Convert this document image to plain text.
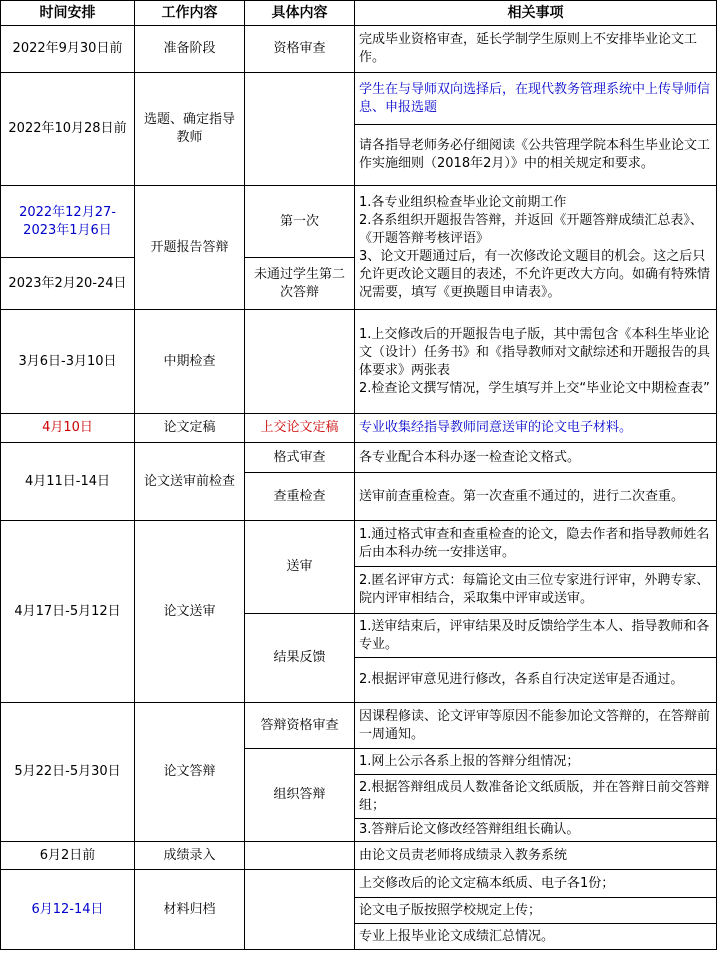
时间安排	工作内容	具体内容	相关事项
2022年9月30日前	准备阶段	资格审查	完成毕业资格审查，延长学制学生原则上不安排毕业论文工作。
2022年10月28日前	选题、确定指导教师		学生在与导师双向选择后，在现代教务管理系统中上传导师信息、申报选题
			请各指导老师务必仔细阅读《公共管理学院本科生毕业论文工作实施细则（2018年2月）》中的相关规定和要求。
2022年12月27-2023年1月6日	开题报告答辩	第一次	1.各专业组织检查毕业论文前期工作
2.各系组织开题报告答辩，并返回《开题答辩成绩汇总表》、《开题答辩考核评语》
3、论文开题通过后，有一次修改论文题目的机会。这之后只允许更改论文题目的表述，不允许更改大方向。如确有特殊情况需要，填写《更换题目申请表》。

2023年2月20-24日		未通过学生第二次答辩	
3月6日-3月10日	中期检查		1.上交修改后的开题报告电子版，其中需包含《本科生毕业论文（设计）任务书》和《指导教师对文献综述和开题报告的具体要求》两张表
2.检查论文撰写情况，学生填写并上交“毕业论文中期检查表”

4月10日	论文定稿	上交论文定稿	专业收集经指导教师同意送审的论文电子材料。
4月11日-14日	论文送审前检查	格式审查	各专业配合本科办逐一检查论文格式。
		查重检查	送审前查重检查。第一次查重不通过的，进行二次查重。
4月17日-5月12日	论文送审	送审	1.通过格式审查和查重检查的论文，隐去作者和指导教师姓名后由本科办统一安排送审。
			2.匿名评审方式：每篇论文由三位专家进行评审，外聘专家、院内评审相结合，采取集中评审或送审。
		结果反馈	1.送审结束后，评审结果及时反馈给学生本人、指导教师和各专业。
			2.根据评审意见进行修改，各系自行决定送审是否通过。
5月22日-5月30日	论文答辩	答辩资格审查	因课程修读、论文评审等原因不能参加论文答辩的，在答辩前一周通知。
		组织答辩	1.网上公示各系上报的答辩分组情况；
			2.根据答辩组成员人数准备论文纸质版，并在答辩日前交答辩组；
			3.答辩后论文修改经答辩组组长确认。
6月2日前	成绩录入		由论文员责老师将成绩录入教务系统
6月12-14日	材料归档		上交修改后的论文定稿本纸质、电子各1份；
			论文电子版按照学校规定上传；
			专业上报毕业论文成绩汇总情况。
